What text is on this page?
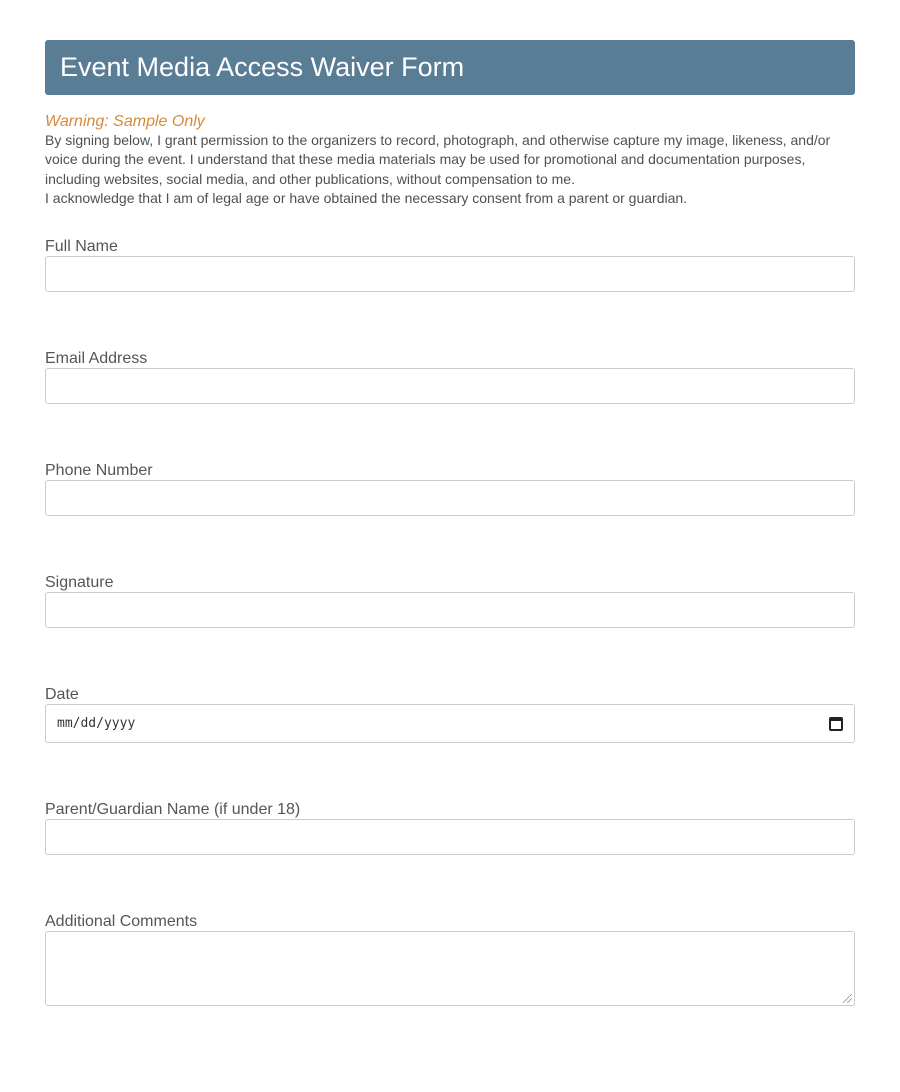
Event Media Access Waiver Form
Warning: Sample Only

By signing below, I grant permission to the organizers to record, photograph, and otherwise capture my image, likeness, and/or voice during the event. I understand that these media materials may be used for promotional and documentation purposes, including websites, social media, and other publications, without compensation to me.

I acknowledge that I am of legal age or have obtained the necessary consent from a parent or guardian.

Full Name
Email Address
Phone Number
Signature
Date
mm/dd/yyyy
Parent/Guardian Name (if under 18)
Additional Comments
